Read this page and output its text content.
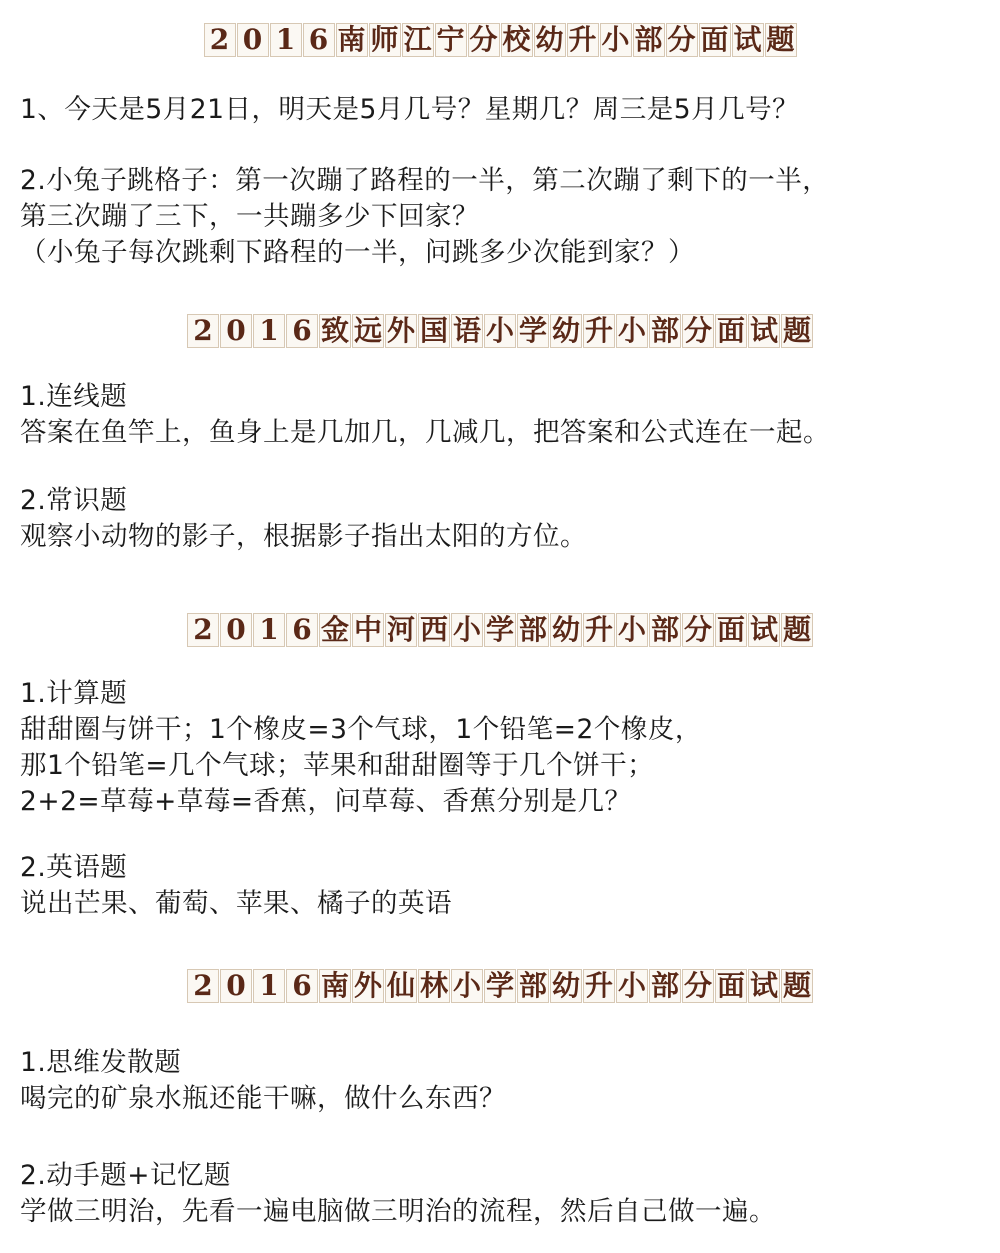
2 0 1 6 南 师 江 宁 分 校 幼 升 小 部 分 面 试 题
1、今天是5月21日，明天是5月几号？星期几？周三是5月几号？
2.小兔子跳格子：第一次蹦了路程的一半，第二次蹦了剩下的一半，
第三次蹦了三下，一共蹦多少下回家？
（小兔子每次跳剩下路程的一半，问跳多少次能到家？）
2 0 1 6 致 远 外 国 语 小 学 幼 升 小 部 分 面 试 题
1.连线题
答案在鱼竿上，鱼身上是几加几，几减几，把答案和公式连在一起。
2.常识题
观察小动物的影子，根据影子指出太阳的方位。
2 0 1 6 金 中 河 西 小 学 部 幼 升 小 部 分 面 试 题
1.计算题
甜甜圈与饼干；1个橡皮=3个气球，1个铅笔=2个橡皮，
那1个铅笔=几个气球；苹果和甜甜圈等于几个饼干；
2+2=草莓+草莓=香蕉，问草莓、香蕉分别是几？
2.英语题
说出芒果、葡萄、苹果、橘子的英语
2 0 1 6 南 外 仙 林 小 学 部 幼 升 小 部 分 面 试 题
1.思维发散题
喝完的矿泉水瓶还能干嘛，做什么东西？
2.动手题+记忆题
学做三明治，先看一遍电脑做三明治的流程，然后自己做一遍。
